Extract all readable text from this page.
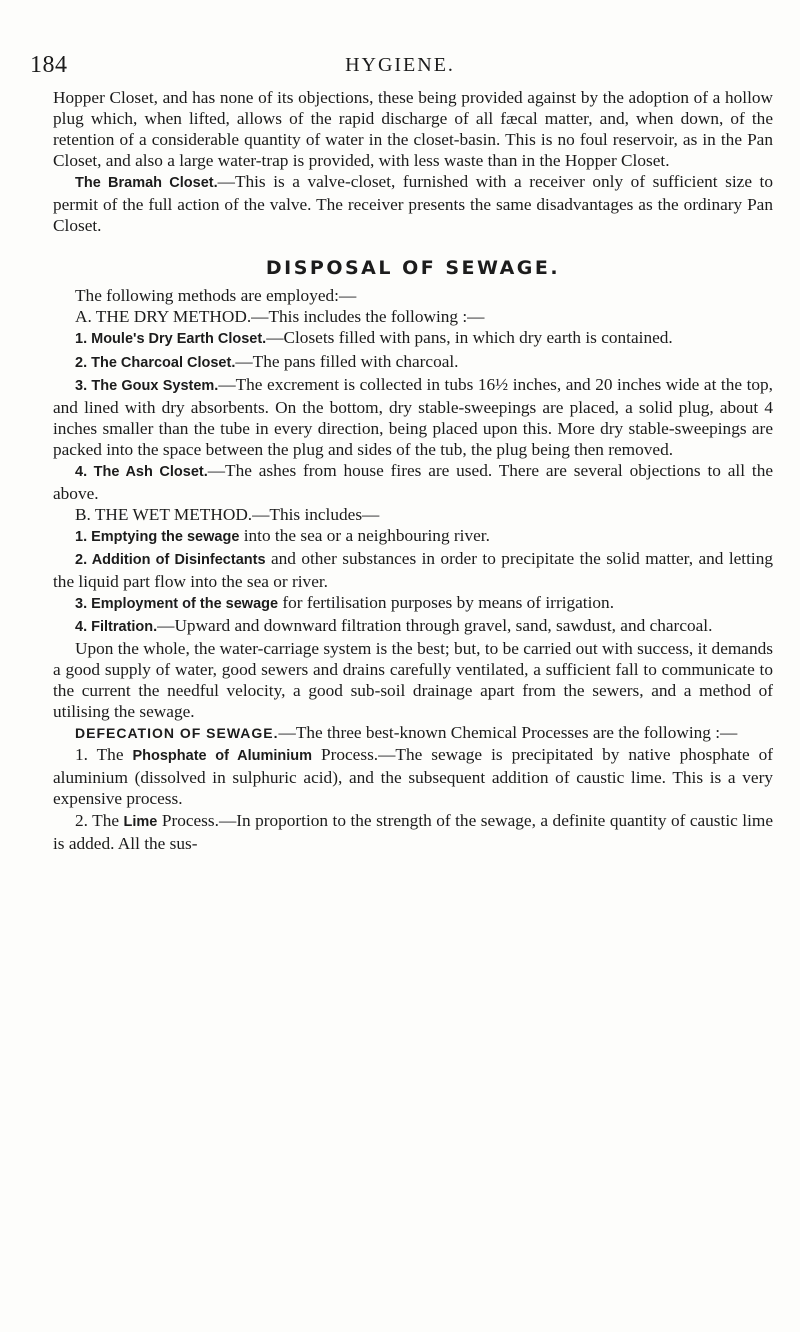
184	HYGIENE.

Hopper Closet, and has none of its objections, these being provided against by the adoption of a hollow plug which, when lifted, allows of the rapid discharge of all fæcal matter, and, when down, of the retention of a considerable quantity of water in the closet-basin. This is no foul reservoir, as in the Pan Closet, and also a large water-trap is provided, with less waste than in the Hopper Closet.

The Bramah Closet.—This is a valve-closet, furnished with a receiver only of sufficient size to permit of the full action of the valve. The receiver presents the same disadvantages as the ordinary Pan Closet.

DISPOSAL OF SEWAGE.

The following methods are employed:—

A. THE DRY METHOD.—This includes the following :—

1. Moule's Dry Earth Closet.—Closets filled with pans, in which dry earth is contained.

2. The Charcoal Closet.—The pans filled with charcoal.

3. The Goux System.—The excrement is collected in tubs 16½ inches, and 20 inches wide at the top, and lined with dry absorbents. On the bottom, dry stable-sweepings are placed, a solid plug, about 4 inches smaller than the tube in every direction, being placed upon this. More dry stable-sweepings are packed into the space between the plug and sides of the tub, the plug being then removed.

4. The Ash Closet.—The ashes from house fires are used. There are several objections to all the above.

B. THE WET METHOD.—This includes—

1. Emptying the sewage into the sea or a neighbouring river.

2. Addition of Disinfectants and other substances in order to precipitate the solid matter, and letting the liquid part flow into the sea or river.

3. Employment of the sewage for fertilisation purposes by means of irrigation.

4. Filtration.—Upward and downward filtration through gravel, sand, sawdust, and charcoal.

Upon the whole, the water-carriage system is the best; but, to be carried out with success, it demands a good supply of water, good sewers and drains carefully ventilated, a sufficient fall to communicate to the current the needful velocity, a good sub-soil drainage apart from the sewers, and a method of utilising the sewage.

DEFECATION OF SEWAGE.—The three best-known Chemical Processes are the following :—

1. The Phosphate of Aluminium Process.—The sewage is precipitated by native phosphate of aluminium (dissolved in sulphuric acid), and the subsequent addition of caustic lime. This is a very expensive process.

2. The Lime Process.—In proportion to the strength of the sewage, a definite quantity of caustic lime is added. All the sus-
